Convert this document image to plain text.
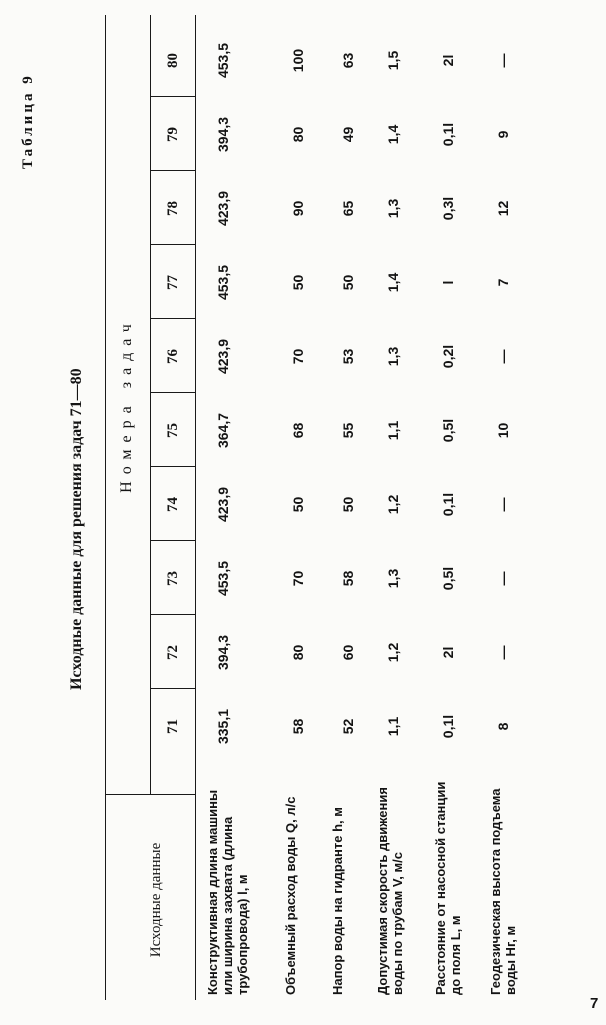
Таблица 9
Исходные данные для решения задач 71—80
Исходные данные
Номера задач
71
72
73
74
75
76
77
78
79
80
Конструктивная длина машины или ширина захвата (длина трубопровода) l, м
335,1
394,3
453,5
423,9
364,7
423,9
453,5
423,9
394,3
453,5
Объемный расход воды Q, л/с
58
80
70
50
68
70
50
90
80
100
Напор воды на гидранте h, м
52
60
58
50
55
53
50
65
49
63
Допустимая скорость движения воды по трубам V, м/с
1,1
1,2
1,3
1,2
1,1
1,3
1,4
1,3
1,4
1,5
Расстояние от насосной станции до поля L, м
0,1l
2l
0,5l
0,1l
0,5l
0,2l
l
0,3l
0,1l
2l
Геодезическая высота подъема воды Hг, м
8
—
—
—
10
—
7
12
9
—
7
